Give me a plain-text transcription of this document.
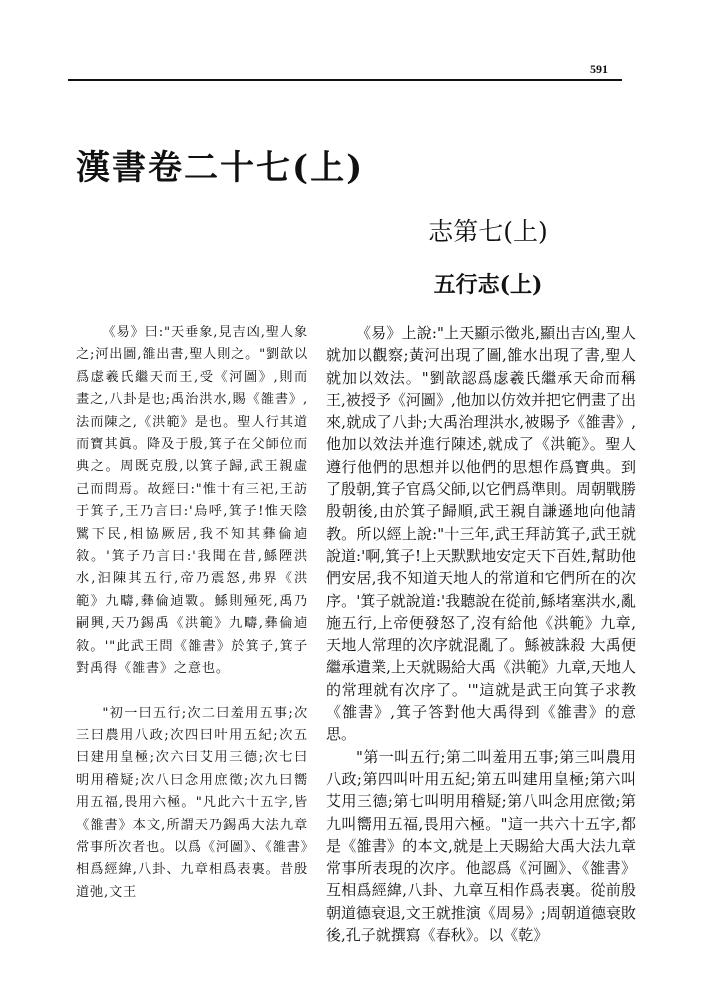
591
漢書卷二十七(上)
志第七(上)
五行志(上)

《易》曰:"天垂象,見吉凶,聖人象之;河出圖,雒出書,聖人則之。"劉歆以爲虙羲氏繼天而王,受《河圖》,則而畫之,八卦是也;禹治洪水,賜《雒書》,法而陳之,《洪範》是也。聖人行其道而寶其眞。降及于殷,箕子在父師位而典之。周既克殷,以箕子歸,武王親虛己而問焉。故經曰:"惟十有三祀,王訪于箕子,王乃言曰:'烏呼,箕子!惟天陰騭下民,相協厥居,我不知其彝倫逌敘。'箕子乃言曰:'我聞在昔,鯀陻洪水,汩陳其五行,帝乃震怒,弗界《洪範》九疇,彝倫逌斁。鯀則殛死,禹乃嗣興,天乃錫禹《洪範》九疇,彝倫逌敘。'"此武王問《雒書》於箕子,箕子對禹得《雒書》之意也。

"初一曰五行;次二曰羞用五事;次三曰農用八政;次四曰叶用五紀;次五曰建用皇極;次六曰艾用三德;次七曰明用稽疑;次八曰念用庶徵;次九曰嚮用五福,畏用六極。"凡此六十五字,皆《雒書》本文,所謂天乃錫禹大法九章常事所次者也。以爲《河圖》、《雒書》相爲經緯,八卦、九章相爲表裏。昔殷道弛,文王

《易》上說:"上天顯示徵兆,顯出吉凶,聖人就加以觀察;黃河出現了圖,雒水出現了書,聖人就加以效法。"劉歆認爲虙羲氏繼承天命而稱王,被授予《河圖》,他加以仿效并把它們畫了出來,就成了八卦;大禹治理洪水,被賜予《雒書》,他加以效法并進行陳述,就成了《洪範》。聖人遵行他們的思想并以他們的思想作爲寶典。到了殷朝,箕子官爲父師,以它們爲準則。周朝戰勝殷朝後,由於箕子歸順,武王親自謙遜地向他請教。所以經上說:"十三年,武王拜訪箕子,武王就說道:'啊,箕子!上天默默地安定天下百姓,幫助他們安居,我不知道天地人的常道和它們所在的次序。'箕子就說道:'我聽說在從前,鯀堵塞洪水,亂施五行,上帝便發怒了,沒有給他《洪範》九章,天地人常理的次序就混亂了。鯀被誅殺 大禹便繼承遺業,上天就賜給大禹《洪範》九章,天地人的常理就有次序了。'"這就是武王向箕子求教《雒書》,箕子答對他大禹得到《雒書》的意思。

"第一叫五行;第二叫羞用五事;第三叫農用八政;第四叫叶用五紀;第五叫建用皇極;第六叫艾用三德;第七叫明用稽疑;第八叫念用庶徵;第九叫嚮用五福,畏用六極。"這一共六十五字,都是《雒書》的本文,就是上天賜給大禹大法九章常事所表現的次序。他認爲《河圖》、《雒書》互相爲經緯,八卦、九章互相作爲表裏。從前殷朝道德衰退,文王就推演《周易》;周朝道德衰敗後,孔子就撰寫《春秋》。以《乾》
